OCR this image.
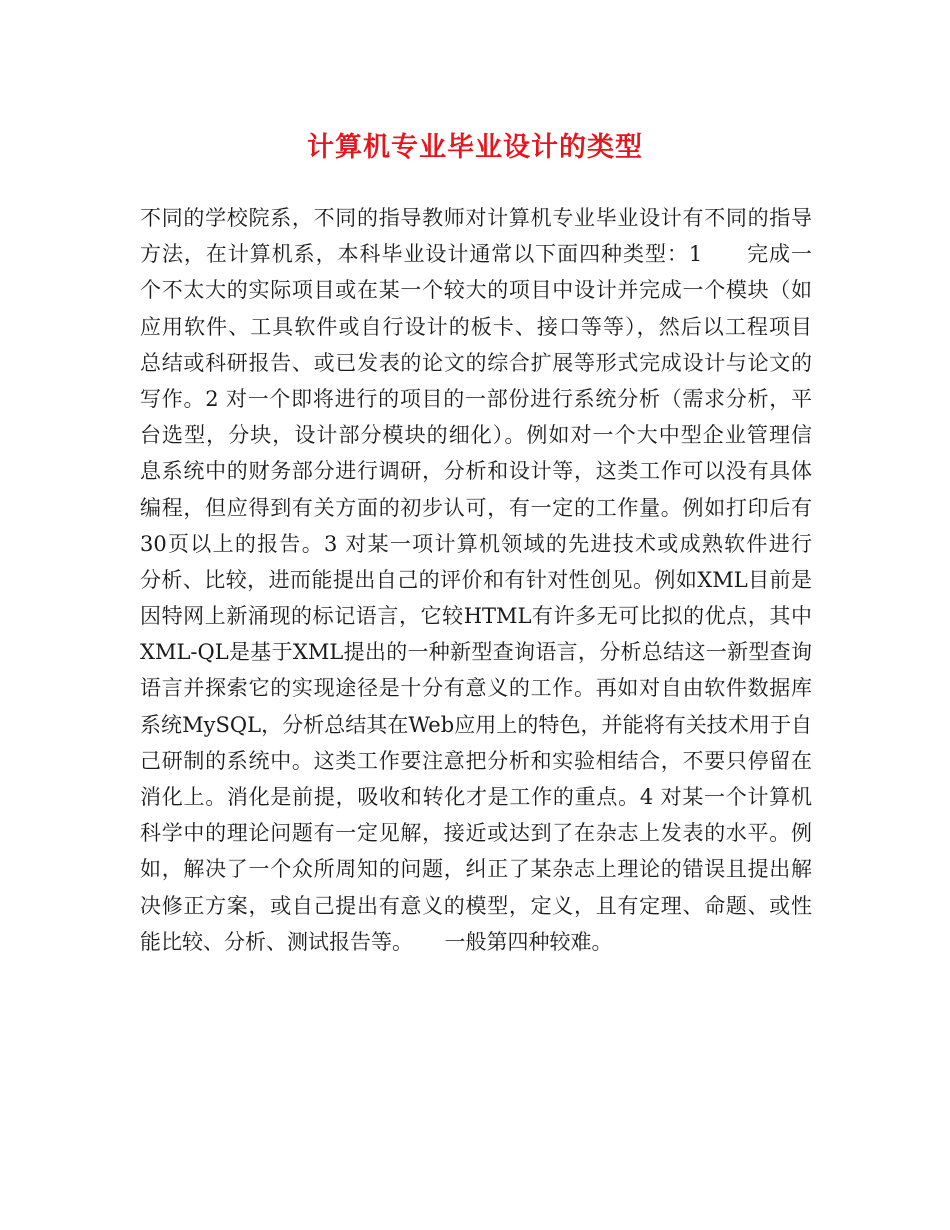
计算机专业毕业设计的类型
不同的学校院系，不同的指导教师对计算机专业毕业设计有不同的指导
方法，在计算机系，本科毕业设计通常以下面四种类型：1　　完成一
个不太大的实际项目或在某一个较大的项目中设计并完成一个模块（如
应用软件、工具软件或自行设计的板卡、接口等等），然后以工程项目
总结或科研报告、或已发表的论文的综合扩展等形式完成设计与论文的
写作。2 对一个即将进行的项目的一部份进行系统分析（需求分析，平
台选型，分块，设计部分模块的细化）。例如对一个大中型企业管理信
息系统中的财务部分进行调研，分析和设计等，这类工作可以没有具体
编程，但应得到有关方面的初步认可，有一定的工作量。例如打印后有
30页以上的报告。3 对某一项计算机领域的先进技术或成熟软件进行
分析、比较，进而能提出自己的评价和有针对性创见。例如XML目前是
因特网上新涌现的标记语言，它较HTML有许多无可比拟的优点，其中
XML-QL是基于XML提出的一种新型查询语言，分析总结这一新型查询
语言并探索它的实现途径是十分有意义的工作。再如对自由软件数据库
系统MySQL，分析总结其在Web应用上的特色，并能将有关技术用于自
己研制的系统中。这类工作要注意把分析和实验相结合，不要只停留在
消化上。消化是前提，吸收和转化才是工作的重点。4 对某一个计算机
科学中的理论问题有一定见解，接近或达到了在杂志上发表的水平。例
如，解决了一个众所周知的问题，纠正了某杂志上理论的错误且提出解
决修正方案，或自己提出有意义的模型，定义，且有定理、命题、或性
能比较、分析、测试报告等。　　一般第四种较难。
